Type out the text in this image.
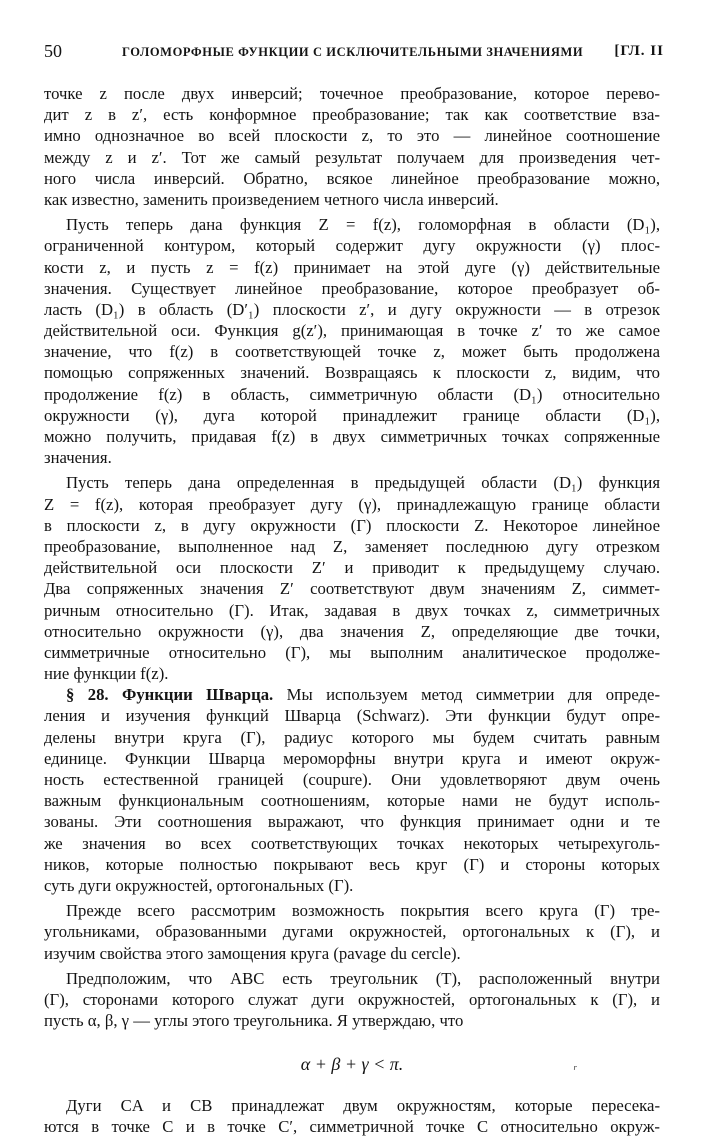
50	ГОЛОМОРФНЫЕ ФУНКЦИИ С ИСКЛЮЧИТЕЛЬНЫМИ ЗНАЧЕНИЯМИ [ГЛ. II
точке z после двух инверсий; точечное преобразование, которое перево-
дит z в z′, есть конформное преобразование; так как соответствие вза-
имно однозначное во всей плоскости z, то это — линейное соотношение
между z и z′. Тот же самый результат получаем для произведения чет-
ного числа инверсий. Обратно, всякое линейное преобразование можно,
как известно, заменить произведением четного числа инверсий.
Пусть теперь дана функция Z = f(z), голоморфная в области (D₁),
ограниченной контуром, который содержит дугу окружности (γ) плос-
кости z, и пусть z = f(z) принимает на этой дуге (γ) действительные
значения. Существует линейное преобразование, которое преобразует об-
ласть (D₁) в область (D′₁) плоскости z′, и дугу окружности — в отрезок
действительной оси. Функция g(z′), принимающая в точке z′ то же самое
значение, что f(z) в соответствующей точке z, может быть продолжена
помощью сопряженных значений. Возвращаясь к плоскости z, видим, что
продолжение f(z) в область, симметричную области (D₁) относительно
окружности (γ), дуга которой принадлежит границе области (D₁),
можно получить, придавая f(z) в двух симметричных точках сопряженные
значения.
Пусть теперь дана определенная в предыдущей области (D₁) функция
Z = f(z), которая преобразует дугу (γ), принадлежащую границе области
в плоскости z, в дугу окружности (Γ) плоскости Z. Некоторое линейное
преобразование, выполненное над Z, заменяет последнюю дугу отрезком
действительной оси плоскости Z′ и приводит к предыдущему случаю.
Два сопряженных значения Z′ соответствуют двум значениям Z, симмет-
ричным относительно (Γ). Итак, задавая в двух точках z, симметричных
относительно окружности (γ), два значения Z, определяющие две точки,
симметричные относительно (Γ), мы выполним аналитическое продолже-
ние функции f(z).
§ 28. Функции Шварца. Мы используем метод симметрии для опреде-
ления и изучения функций Шварца (Schwarz). Эти функции будут опре-
делены внутри круга (Γ), радиус которого мы будем считать равным
единице. Функции Шварца мероморфны внутри круга и имеют окруж-
ность естественной границей (coupure). Они удовлетворяют двум очень
важным функциональным соотношениям, которые нами не будут исполь-
зованы. Эти соотношения выражают, что функция принимает одни и те
же значения во всех соответствующих точках некоторых четырехуголь-
ников, которые полностью покрывают весь круг (Γ) и стороны которых
суть дуги окружностей, ортогональных (Γ).
Прежде всего рассмотрим возможность покрытия всего круга (Γ) тре-
угольниками, образованными дугами окружностей, ортогональных к (Γ), и
изучим свойства этого замощения круга (pavage du cercle).
Предположим, что ABC есть треугольник (T), расположенный внутри
(Γ), сторонами которого служат дуги окружностей, ортогональных к (Γ), и
пусть α, β, γ — углы этого треугольника. Я утверждаю, что
α + β + γ < π.
Дуги CA и CB принадлежат двум окружностям, которые пересека-
ются в точке C и в точке C′, симметричной точке C относительно окруж-
ʳ
